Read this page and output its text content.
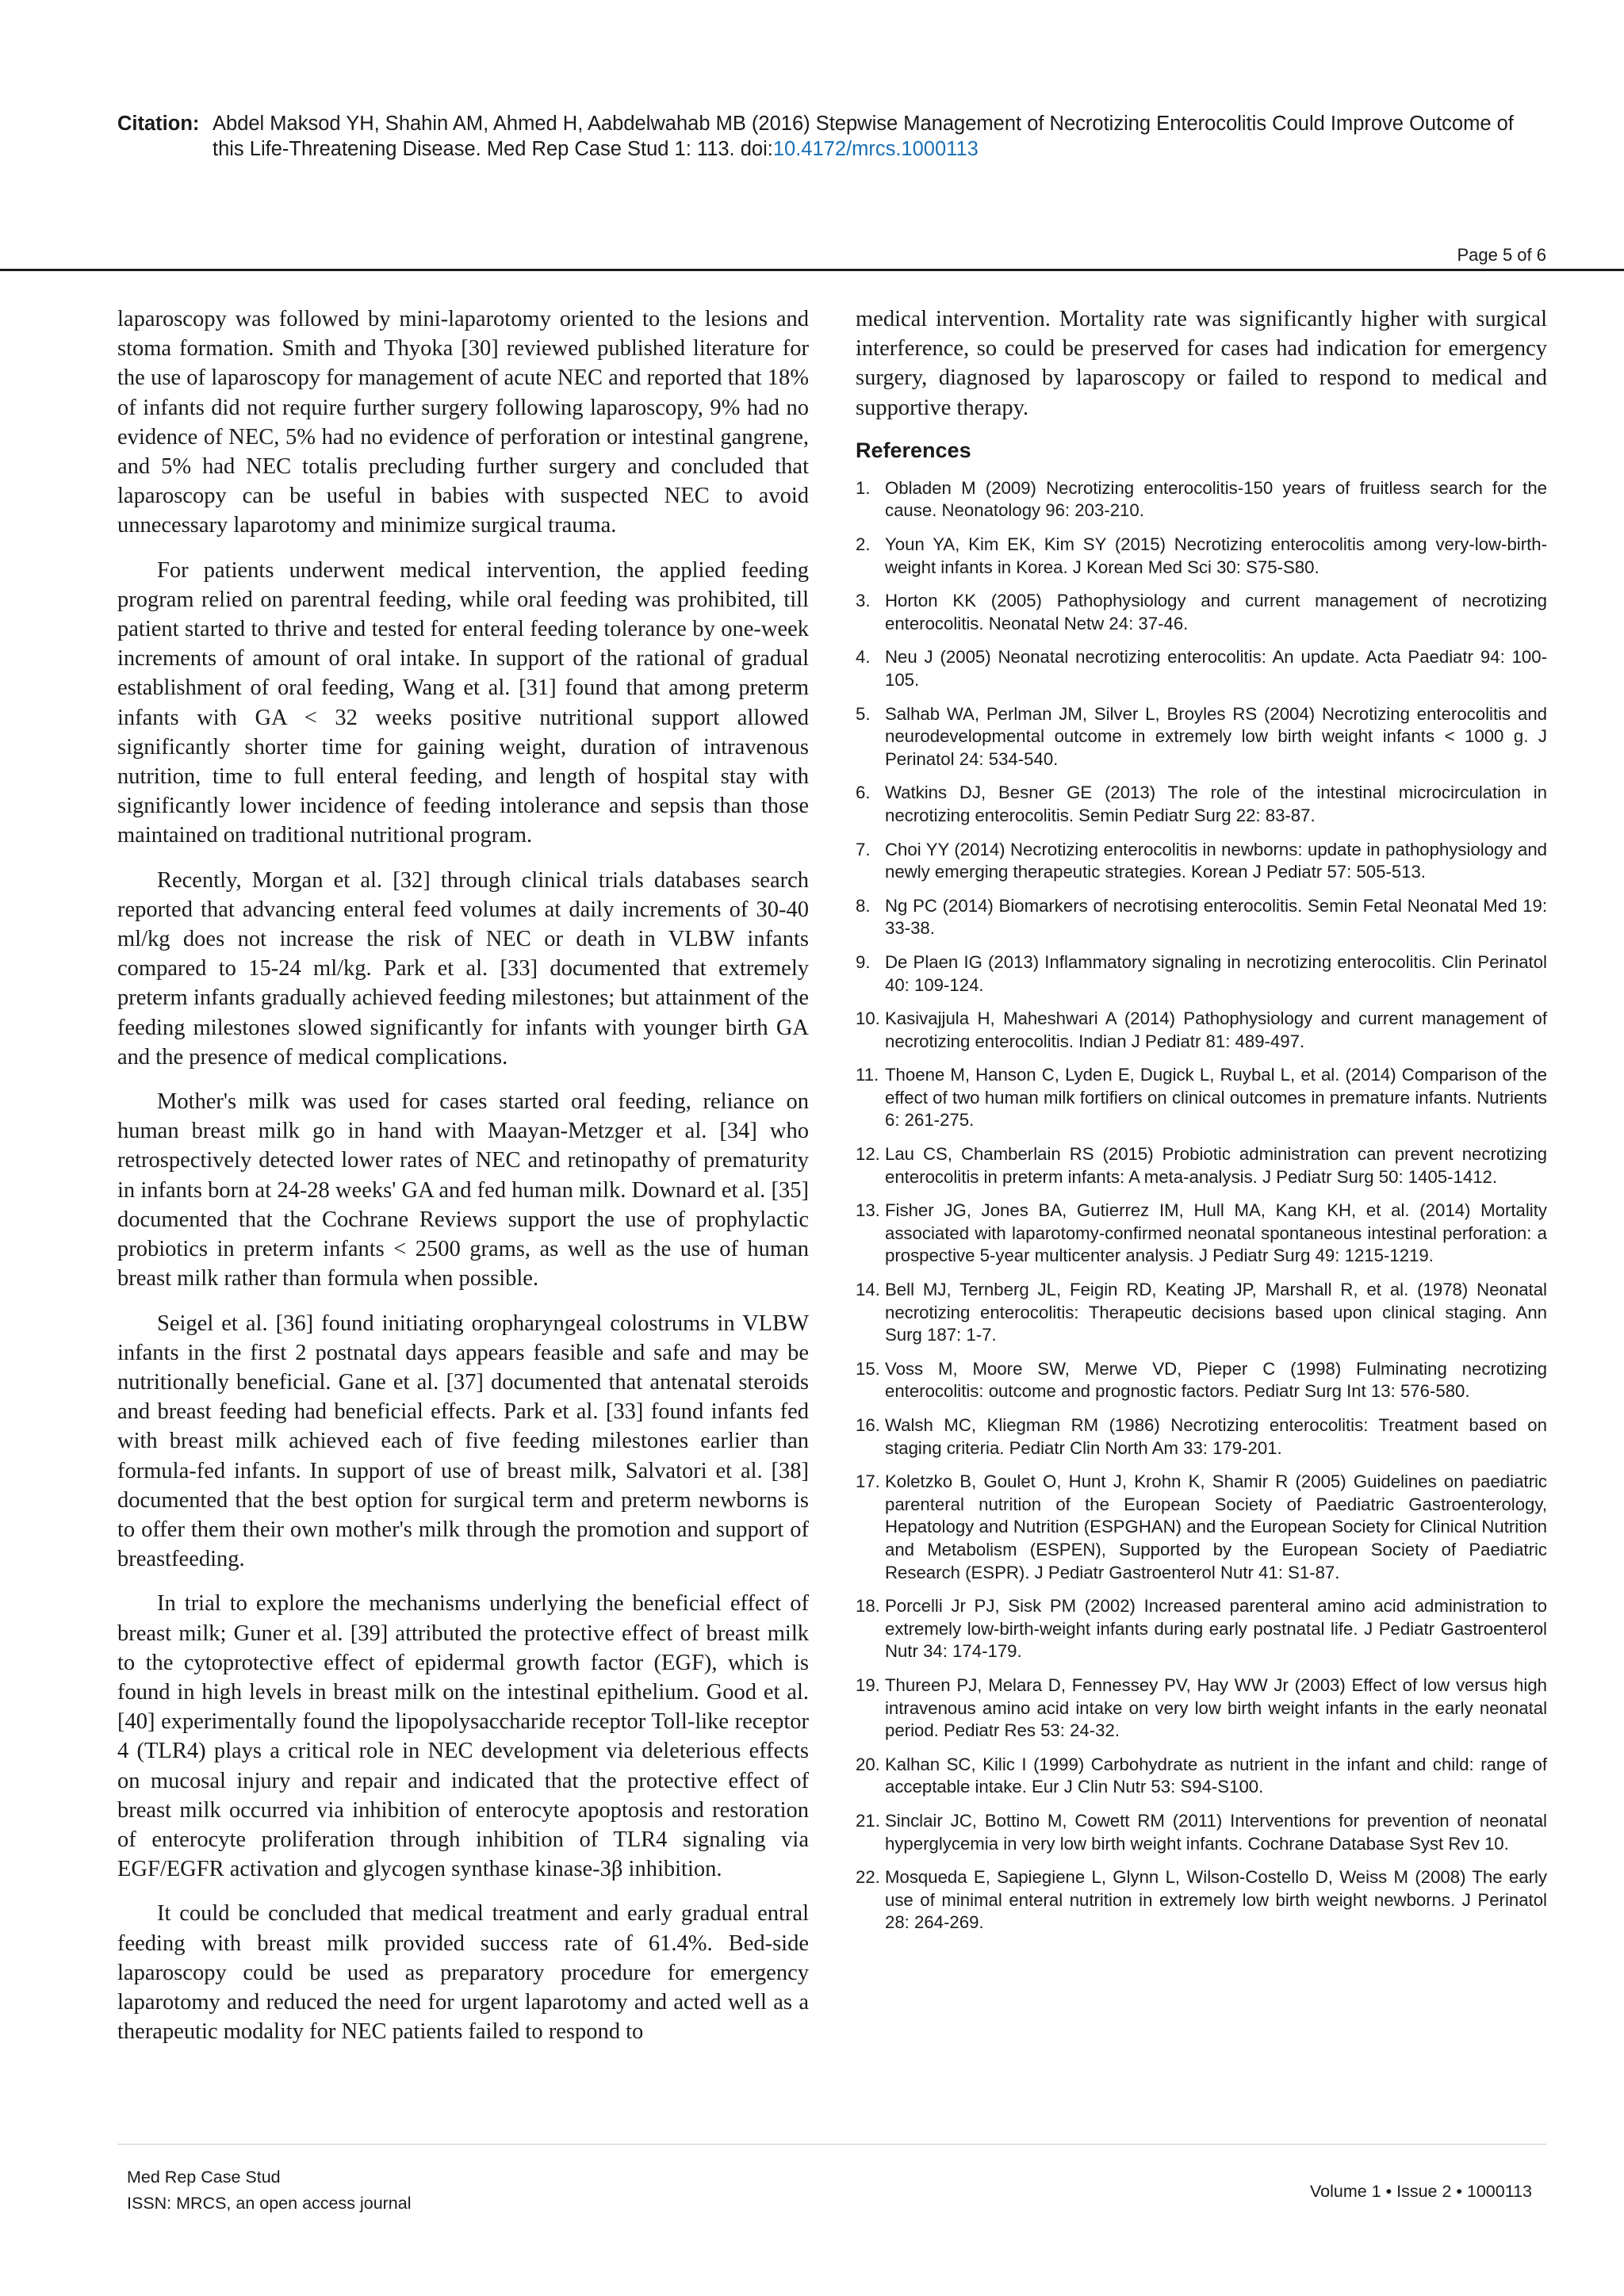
Citation: Abdel Maksod YH, Shahin AM, Ahmed H, Aabdelwahab MB (2016) Stepwise Management of Necrotizing Enterocolitis Could Improve Outcome of this Life-Threatening Disease. Med Rep Case Stud 1: 113. doi:10.4172/mrcs.1000113
Page 5 of 6

laparoscopy was followed by mini-laparotomy oriented to the lesions and stoma formation. Smith and Thyoka [30] reviewed published literature for the use of laparoscopy for management of acute NEC and reported that 18% of infants did not require further surgery following laparoscopy, 9% had no evidence of NEC, 5% had no evidence of perforation or intestinal gangrene, and 5% had NEC totalis precluding further surgery and concluded that laparoscopy can be useful in babies with suspected NEC to avoid unnecessary laparotomy and minimize surgical trauma.

For patients underwent medical intervention, the applied feeding program relied on parentral feeding, while oral feeding was prohibited, till patient started to thrive and tested for enteral feeding tolerance by one-week increments of amount of oral intake. In support of the rational of gradual establishment of oral feeding, Wang et al. [31] found that among preterm infants with GA < 32 weeks positive nutritional support allowed significantly shorter time for gaining weight, duration of intravenous nutrition, time to full enteral feeding, and length of hospital stay with significantly lower incidence of feeding intolerance and sepsis than those maintained on traditional nutritional program.

Recently, Morgan et al. [32] through clinical trials databases search reported that advancing enteral feed volumes at daily increments of 30-40 ml/kg does not increase the risk of NEC or death in VLBW infants compared to 15-24 ml/kg. Park et al. [33] documented that extremely preterm infants gradually achieved feeding milestones; but attainment of the feeding milestones slowed significantly for infants with younger birth GA and the presence of medical complications.

Mother's milk was used for cases started oral feeding, reliance on human breast milk go in hand with Maayan-Metzger et al. [34] who retrospectively detected lower rates of NEC and retinopathy of prematurity in infants born at 24-28 weeks' GA and fed human milk. Downard et al. [35] documented that the Cochrane Reviews support the use of prophylactic probiotics in preterm infants < 2500 grams, as well as the use of human breast milk rather than formula when possible.

Seigel et al. [36] found initiating oropharyngeal colostrums in VLBW infants in the first 2 postnatal days appears feasible and safe and may be nutritionally beneficial. Gane et al. [37] documented that antenatal steroids and breast feeding had beneficial effects. Park et al. [33] found infants fed with breast milk achieved each of five feeding milestones earlier than formula-fed infants. In support of use of breast milk, Salvatori et al. [38] documented that the best option for surgical term and preterm newborns is to offer them their own mother's milk through the promotion and support of breastfeeding.

In trial to explore the mechanisms underlying the beneficial effect of breast milk; Guner et al. [39] attributed the protective effect of breast milk to the cytoprotective effect of epidermal growth factor (EGF), which is found in high levels in breast milk on the intestinal epithelium. Good et al. [40] experimentally found the lipopolysaccharide receptor Toll-like receptor 4 (TLR4) plays a critical role in NEC development via deleterious effects on mucosal injury and repair and indicated that the protective effect of breast milk occurred via inhibition of enterocyte apoptosis and restoration of enterocyte proliferation through inhibition of TLR4 signaling via EGF/EGFR activation and glycogen synthase kinase-3β inhibition.

It could be concluded that medical treatment and early gradual entral feeding with breast milk provided success rate of 61.4%. Bed-side laparoscopy could be used as preparatory procedure for emergency laparotomy and reduced the need for urgent laparotomy and acted well as a therapeutic modality for NEC patients failed to respond to

medical intervention. Mortality rate was significantly higher with surgical interference, so could be preserved for cases had indication for emergency surgery, diagnosed by laparoscopy or failed to respond to medical and supportive therapy.

References
1. Obladen M (2009) Necrotizing enterocolitis-150 years of fruitless search for the cause. Neonatology 96: 203-210.
2. Youn YA, Kim EK, Kim SY (2015) Necrotizing enterocolitis among very-low-birth-weight infants in Korea. J Korean Med Sci 30: S75-S80.
3. Horton KK (2005) Pathophysiology and current management of necrotizing enterocolitis. Neonatal Netw 24: 37-46.
4. Neu J (2005) Neonatal necrotizing enterocolitis: An update. Acta Paediatr 94: 100-105.
5. Salhab WA, Perlman JM, Silver L, Broyles RS (2004) Necrotizing enterocolitis and neurodevelopmental outcome in extremely low birth weight infants < 1000 g. J Perinatol 24: 534-540.
6. Watkins DJ, Besner GE (2013) The role of the intestinal microcirculation in necrotizing enterocolitis. Semin Pediatr Surg 22: 83-87.
7. Choi YY (2014) Necrotizing enterocolitis in newborns: update in pathophysiology and newly emerging therapeutic strategies. Korean J Pediatr 57: 505-513.
8. Ng PC (2014) Biomarkers of necrotising enterocolitis. Semin Fetal Neonatal Med 19: 33-38.
9. De Plaen IG (2013) Inflammatory signaling in necrotizing enterocolitis. Clin Perinatol 40: 109-124.
10. Kasivajjula H, Maheshwari A (2014) Pathophysiology and current management of necrotizing enterocolitis. Indian J Pediatr 81: 489-497.
11. Thoene M, Hanson C, Lyden E, Dugick L, Ruybal L, et al. (2014) Comparison of the effect of two human milk fortifiers on clinical outcomes in premature infants. Nutrients 6: 261-275.
12. Lau CS, Chamberlain RS (2015) Probiotic administration can prevent necrotizing enterocolitis in preterm infants: A meta-analysis. J Pediatr Surg 50: 1405-1412.
13. Fisher JG, Jones BA, Gutierrez IM, Hull MA, Kang KH, et al. (2014) Mortality associated with laparotomy-confirmed neonatal spontaneous intestinal perforation: a prospective 5-year multicenter analysis. J Pediatr Surg 49: 1215-1219.
14. Bell MJ, Ternberg JL, Feigin RD, Keating JP, Marshall R, et al. (1978) Neonatal necrotizing enterocolitis: Therapeutic decisions based upon clinical staging. Ann Surg 187: 1-7.
15. Voss M, Moore SW, Merwe VD, Pieper C (1998) Fulminating necrotizing enterocolitis: outcome and prognostic factors. Pediatr Surg Int 13: 576-580.
16. Walsh MC, Kliegman RM (1986) Necrotizing enterocolitis: Treatment based on staging criteria. Pediatr Clin North Am 33: 179-201.
17. Koletzko B, Goulet O, Hunt J, Krohn K, Shamir R (2005) Guidelines on paediatric parenteral nutrition of the European Society of Paediatric Gastroenterology, Hepatology and Nutrition (ESPGHAN) and the European Society for Clinical Nutrition and Metabolism (ESPEN), Supported by the European Society of Paediatric Research (ESPR). J Pediatr Gastroenterol Nutr 41: S1-87.
18. Porcelli Jr PJ, Sisk PM (2002) Increased parenteral amino acid administration to extremely low-birth-weight infants during early postnatal life. J Pediatr Gastroenterol Nutr 34: 174-179.
19. Thureen PJ, Melara D, Fennessey PV, Hay WW Jr (2003) Effect of low versus high intravenous amino acid intake on very low birth weight infants in the early neonatal period. Pediatr Res 53: 24-32.
20. Kalhan SC, Kilic I (1999) Carbohydrate as nutrient in the infant and child: range of acceptable intake. Eur J Clin Nutr 53: S94-S100.
21. Sinclair JC, Bottino M, Cowett RM (2011) Interventions for prevention of neonatal hyperglycemia in very low birth weight infants. Cochrane Database Syst Rev 10.
22. Mosqueda E, Sapiegiene L, Glynn L, Wilson-Costello D, Weiss M (2008) The early use of minimal enteral nutrition in extremely low birth weight newborns. J Perinatol 28: 264-269.
Med Rep Case Stud
ISSN: MRCS, an open access journal
Volume 1 • Issue 2 • 1000113
